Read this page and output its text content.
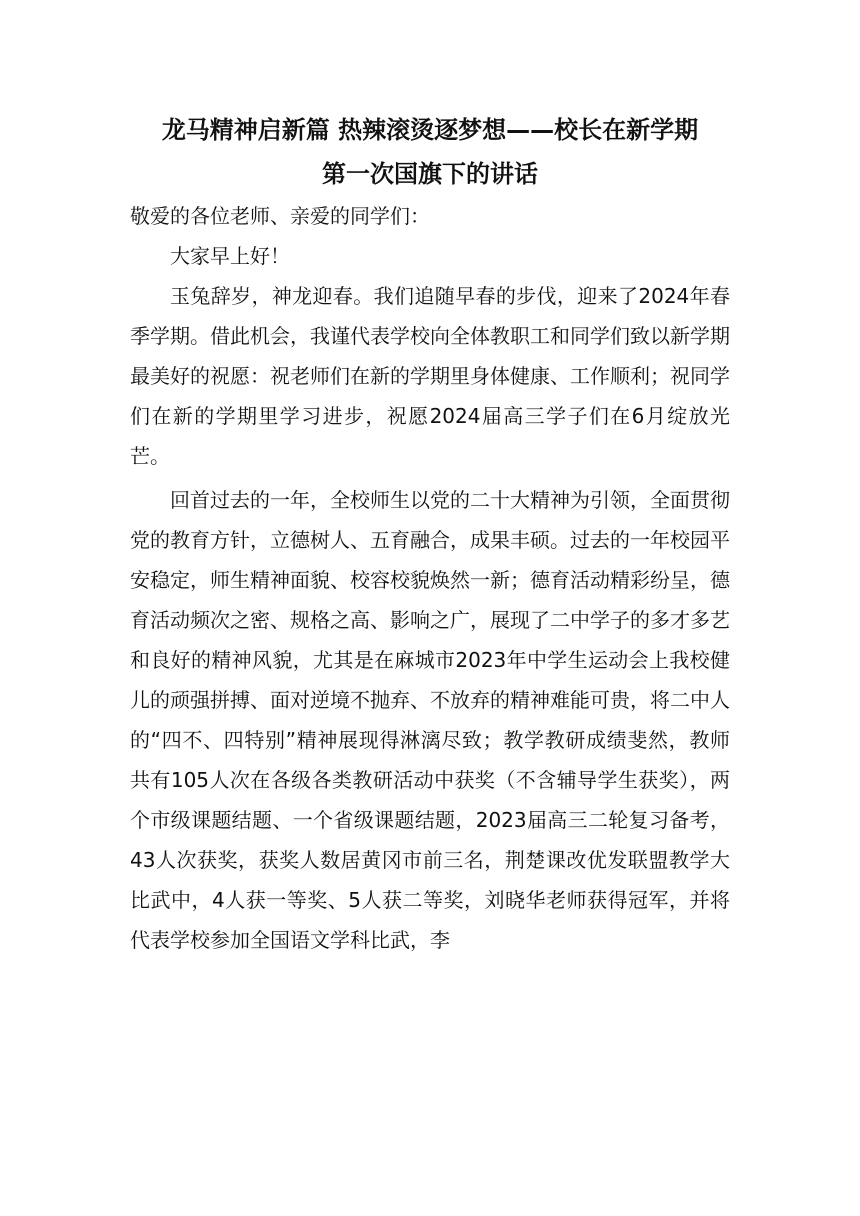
龙马精神启新篇 热辣滚烫逐梦想——校长在新学期
第一次国旗下的讲话

敬爱的各位老师、亲爱的同学们：

大家早上好！

玉兔辞岁，神龙迎春。我们追随早春的步伐，迎来了2024年春季学期。借此机会，我谨代表学校向全体教职工和同学们致以新学期最美好的祝愿：祝老师们在新的学期里身体健康、工作顺利；祝同学们在新的学期里学习进步，祝愿2024届高三学子们在6月绽放光芒。

回首过去的一年，全校师生以党的二十大精神为引领，全面贯彻党的教育方针，立德树人、五育融合，成果丰硕。过去的一年校园平安稳定，师生精神面貌、校容校貌焕然一新；德育活动精彩纷呈，德育活动频次之密、规格之高、影响之广，展现了二中学子的多才多艺和良好的精神风貌，尤其是在麻城市2023年中学生运动会上我校健儿的顽强拼搏、面对逆境不抛弃、不放弃的精神难能可贵，将二中人的“四不、四特别”精神展现得淋漓尽致；教学教研成绩斐然，教师共有105人次在各级各类教研活动中获奖（不含辅导学生获奖），两个市级课题结题、一个省级课题结题，2023届高三二轮复习备考，43人次获奖，获奖人数居黄冈市前三名，荆楚课改优发联盟教学大比武中，4人获一等奖、5人获二等奖，刘晓华老师获得冠军，并将代表学校参加全国语文学科比武，李
